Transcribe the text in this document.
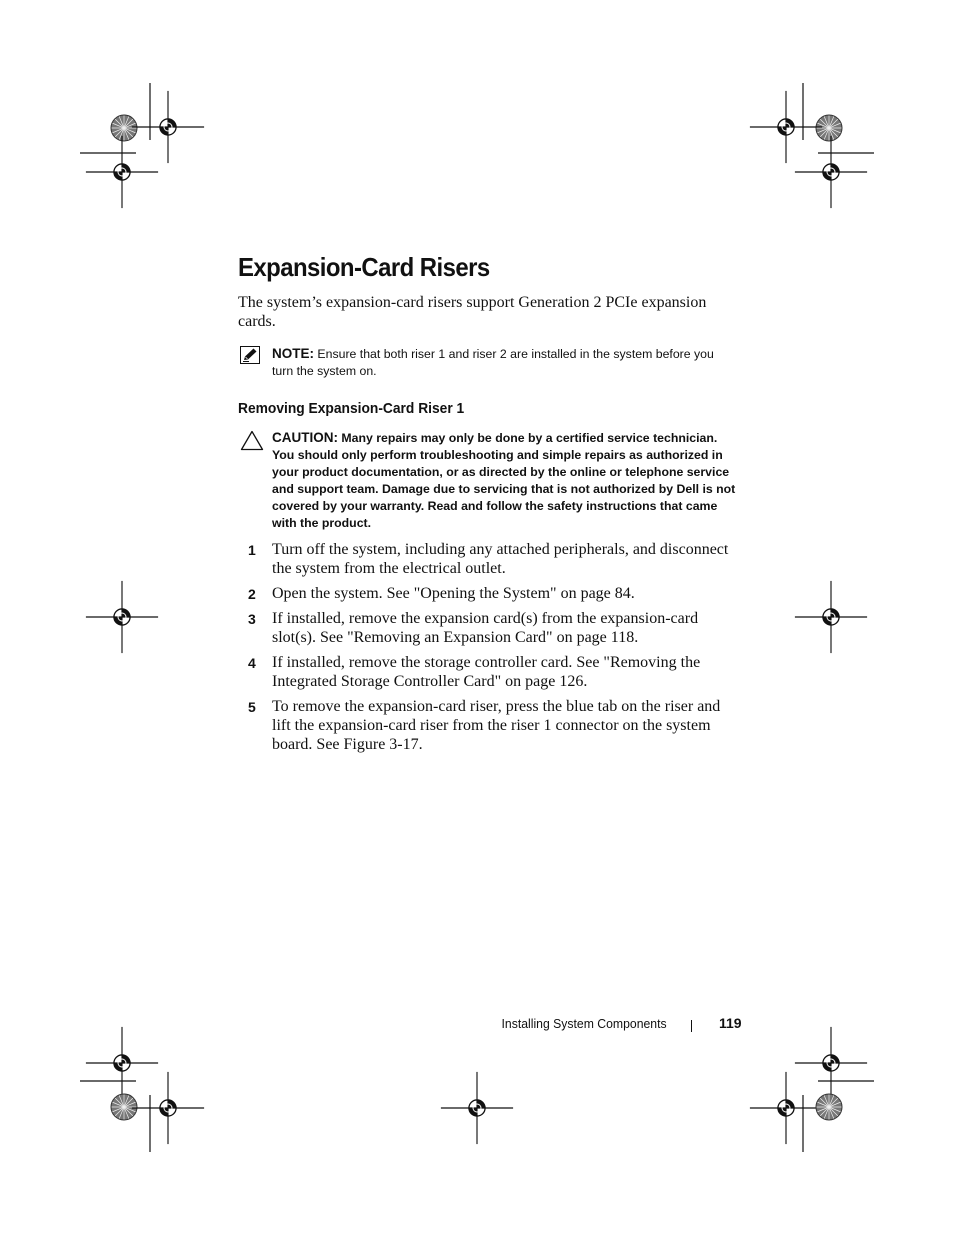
Expansion-Card Risers

The system’s expansion-card risers support Generation 2 PCIe expansion cards.

NOTE: Ensure that both riser 1 and riser 2 are installed in the system before you turn the system on.
Removing Expansion-Card Riser 1
CAUTION: Many repairs may only be done by a certified service technician. You should only perform troubleshooting and simple repairs as authorized in your product documentation, or as directed by the online or telephone service and support team. Damage due to servicing that is not authorized by Dell is not covered by your warranty. Read and follow the safety instructions that came with the product.
1 Turn off the system, including any attached peripherals, and disconnect the system from the electrical outlet.
2 Open the system. See "Opening the System" on page 84.
3 If installed, remove the expansion card(s) from the expansion-card slot(s). See "Removing an Expansion Card" on page 118.
4 If installed, remove the storage controller card. See "Removing the Integrated Storage Controller Card" on page 126.
5 To remove the expansion-card riser, press the blue tab on the riser and lift the expansion-card riser from the riser 1 connector on the system board. See Figure 3-17.
Installing System Components	119
